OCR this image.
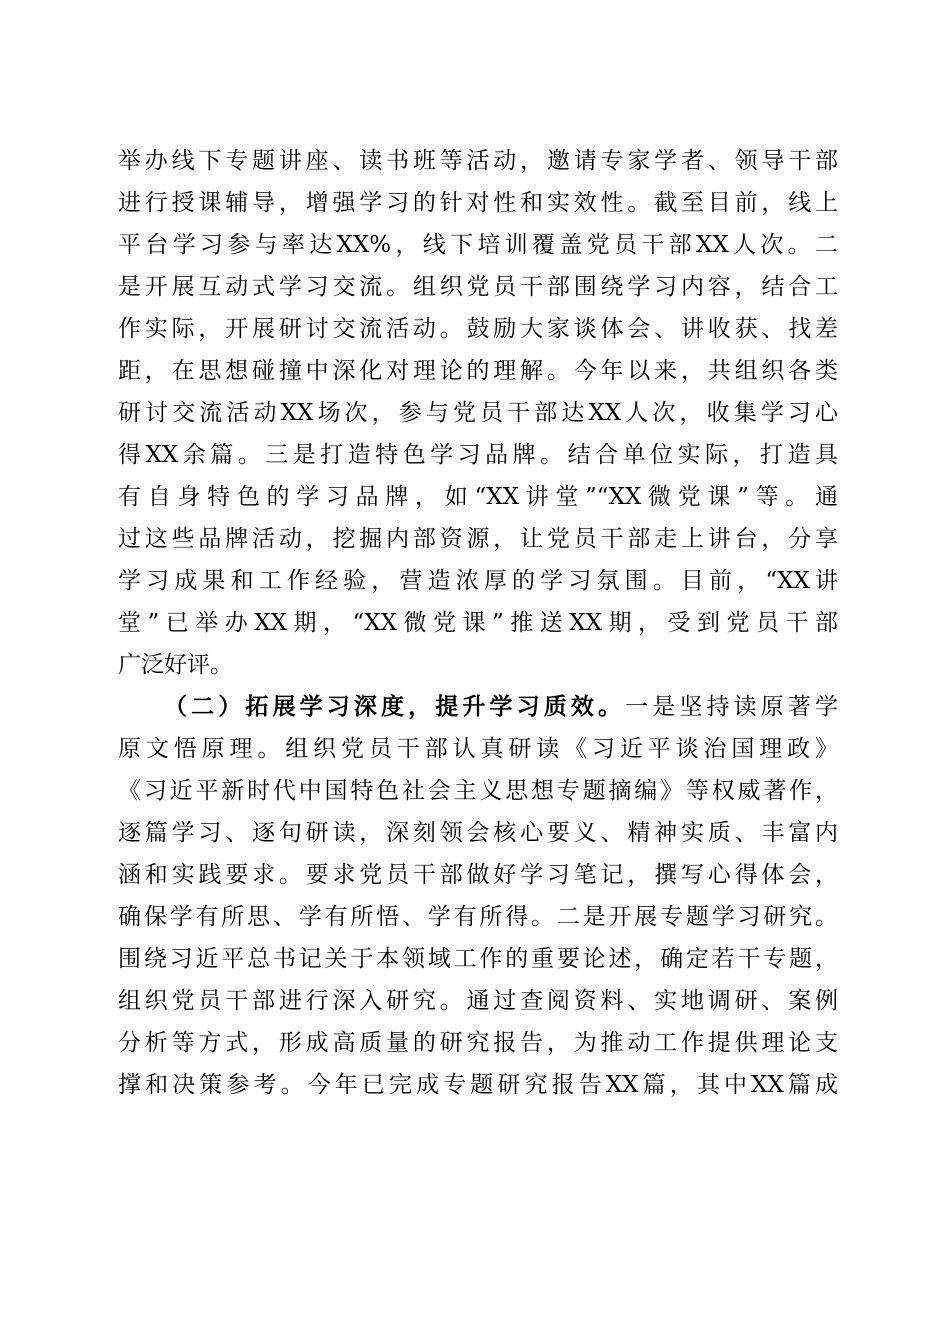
举办线下专题讲座、读书班等活动，邀请专家学者、领导干部
进行授课辅导，增强学习的针对性和实效性。截至目前，线上
平台学习参与率达XX%，线下培训覆盖党员干部XX人次。二
是开展互动式学习交流。组织党员干部围绕学习内容，结合工
作实际，开展研讨交流活动。鼓励大家谈体会、讲收获、找差
距，在思想碰撞中深化对理论的理解。今年以来，共组织各类
研讨交流活动XX场次，参与党员干部达XX人次，收集学习心
得XX余篇。三是打造特色学习品牌。结合单位实际，打造具
有自身特色的学习品牌，如“XX讲堂”“XX微党课”等。通
过这些品牌活动，挖掘内部资源，让党员干部走上讲台，分享
学习成果和工作经验，营造浓厚的学习氛围。目前，“XX讲
堂”已举办XX期，“XX微党课”推送XX期，受到党员干部
广泛好评。
（二）拓展学习深度，提升学习质效。一是坚持读原著学
原文悟原理。组织党员干部认真研读《习近平谈治国理政》
《习近平新时代中国特色社会主义思想专题摘编》等权威著作，
逐篇学习、逐句研读，深刻领会核心要义、精神实质、丰富内
涵和实践要求。要求党员干部做好学习笔记，撰写心得体会，
确保学有所思、学有所悟、学有所得。二是开展专题学习研究。
围绕习近平总书记关于本领域工作的重要论述，确定若干专题，
组织党员干部进行深入研究。通过查阅资料、实地调研、案例
分析等方式，形成高质量的研究报告，为推动工作提供理论支
撑和决策参考。今年已完成专题研究报告XX篇，其中XX篇成
